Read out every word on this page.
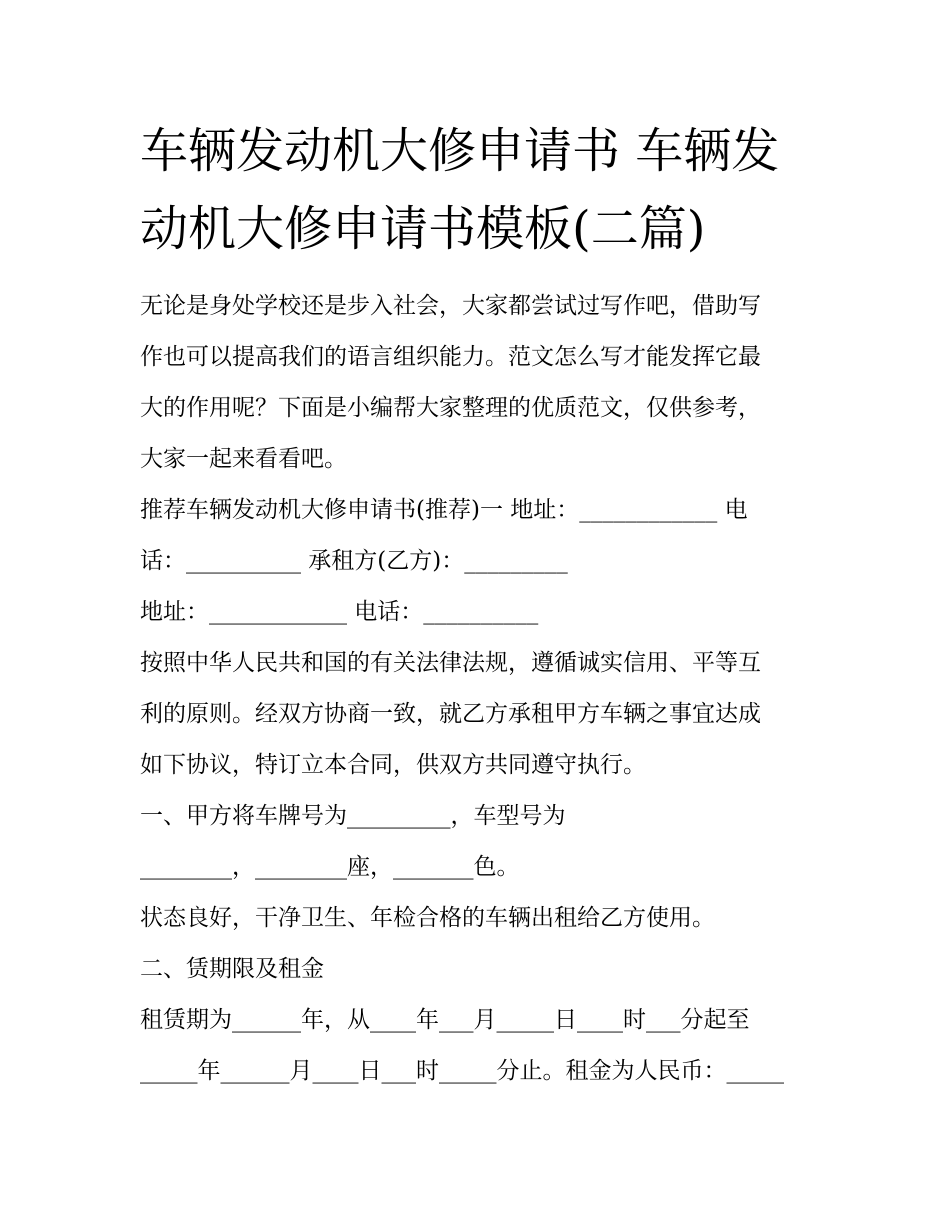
车辆发动机大修申请书 车辆发
动机大修申请书模板(二篇)
无论是身处学校还是步入社会，大家都尝试过写作吧，借助写
作也可以提高我们的语言组织能力。范文怎么写才能发挥它最
大的作用呢？下面是小编帮大家整理的优质范文，仅供参考，
大家一起来看看吧。
推荐车辆发动机大修申请书(推荐)一 地址：____________ 电
话：__________ 承租方(乙方)：_________
地址：____________ 电话：__________
按照中华人民共和国的有关法律法规，遵循诚实信用、平等互
利的原则。经双方协商一致，就乙方承租甲方车辆之事宜达成
如下协议，特订立本合同，供双方共同遵守执行。
一、甲方将车牌号为_________，车型号为
________，________座，_______色。
状态良好，干净卫生、年检合格的车辆出租给乙方使用。
二、赁期限及租金
租赁期为______年，从____年___月_____日____时___分起至
_____年______月____日___时_____分止。租金为人民币：_____
